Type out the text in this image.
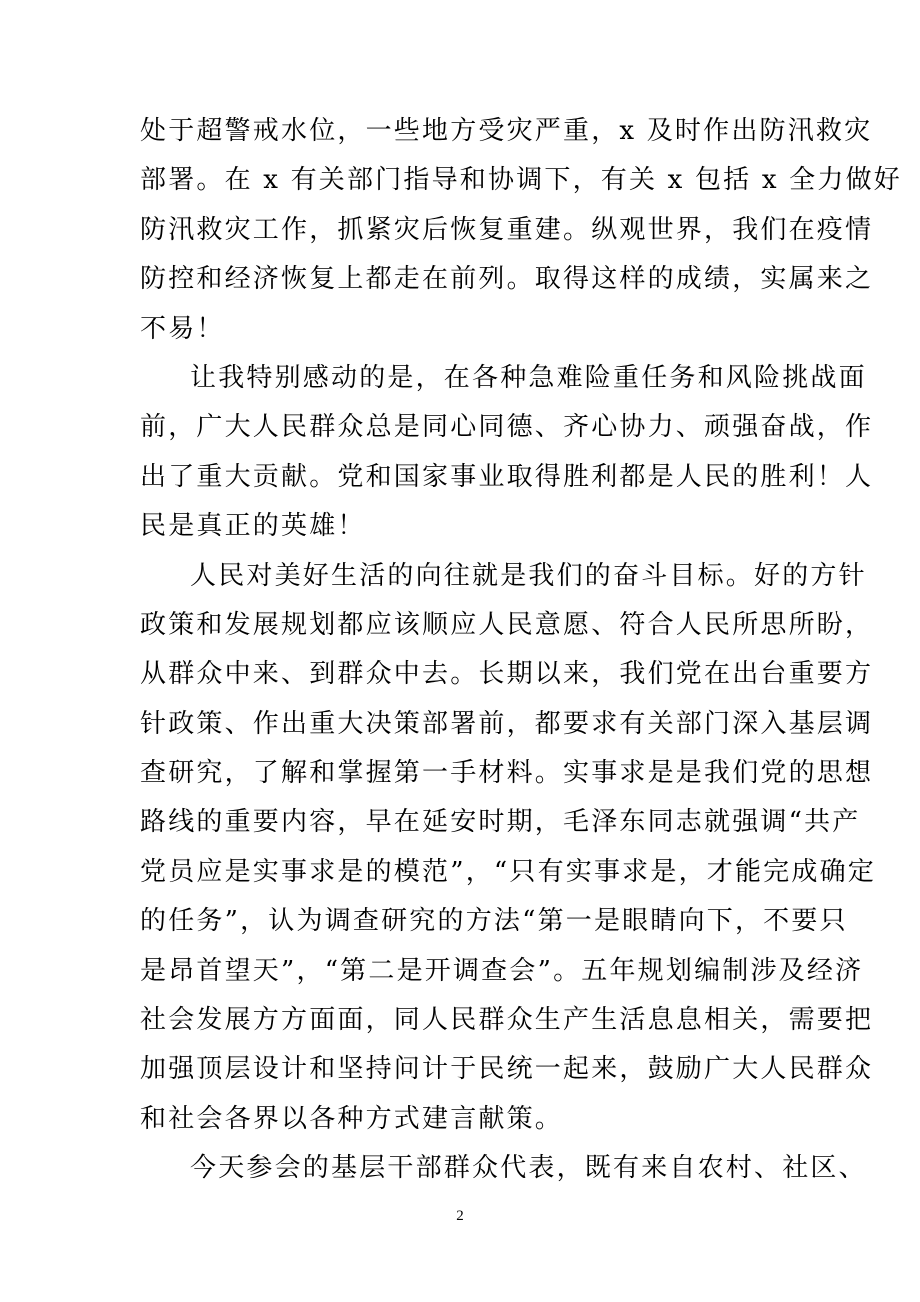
处于超警戒水位，一些地方受灾严重，x 及时作出防汛救灾
部署。在 x 有关部门指导和协调下，有关 x 包括 x 全力做好
防汛救灾工作，抓紧灾后恢复重建。纵观世界，我们在疫情
防控和经济恢复上都走在前列。取得这样的成绩，实属来之
不易！
让我特别感动的是，在各种急难险重任务和风险挑战面
前，广大人民群众总是同心同德、齐心协力、顽强奋战，作
出了重大贡献。党和国家事业取得胜利都是人民的胜利！人
民是真正的英雄！
人民对美好生活的向往就是我们的奋斗目标。好的方针
政策和发展规划都应该顺应人民意愿、符合人民所思所盼，
从群众中来、到群众中去。长期以来，我们党在出台重要方
针政策、作出重大决策部署前，都要求有关部门深入基层调
查研究，了解和掌握第一手材料。实事求是是我们党的思想
路线的重要内容，早在延安时期，毛泽东同志就强调“共产
党员应是实事求是的模范”，“只有实事求是，才能完成确定
的任务”，认为调查研究的方法“第一是眼睛向下，不要只
是昂首望天”，“第二是开调查会”。五年规划编制涉及经济
社会发展方方面面，同人民群众生产生活息息相关，需要把
加强顶层设计和坚持问计于民统一起来，鼓励广大人民群众
和社会各界以各种方式建言献策。
今天参会的基层干部群众代表，既有来自农村、社区、
2
